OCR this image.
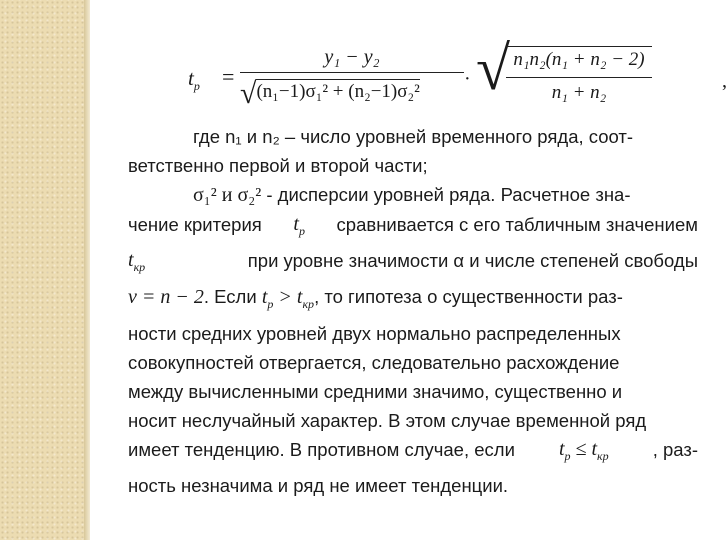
$t_р$ =
y₁ − y₂
√(n₁−1)σ₁² + (n₂−1)σ₂²
· √ n₁n₂(n₁ + n₂ − 2)
n₁ + n₂
,
где n₁ и n₂ – число уровней временного ряда, соот-
ветственно первой и второй части;
σ₁² и σ₂² - дисперсии уровней ряда. Расчетное зна-
чение критерия $t_р$ сравнивается с его табличным значением
$t_{кр}$	при уровне значимости α и числе степеней свободы
ν = n − 2. Если $t_р > t_{кр}$, то гипотеза о существенности раз-
ности средних уровней двух нормально распределенных
совокупностей отвергается, следовательно расхождение
между вычисленными средними значимо, существенно и
носит неслучайный характер. В этом случае временной ряд
имеет тенденцию. В противном случае, если $t_р \le t_{кр}$ , раз-
ность незначима и ряд не имеет тенденции.
